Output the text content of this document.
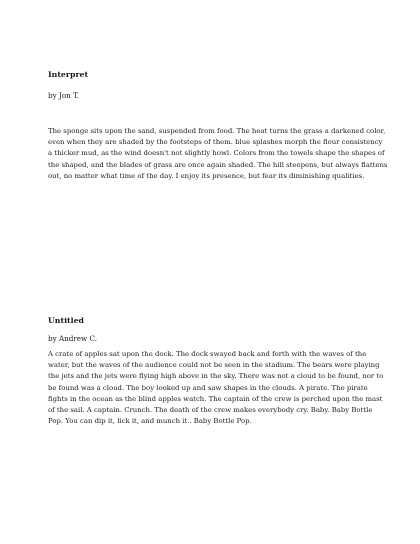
Interpret
by Jon T.
The sponge sits upon the sand, suspended from food. The heat turns the grass a darkened color, even when they are shaded by the footsteps of them. blue splashes morph the flour consistency a thicker mud, as the wind doesn't not slightly howl. Colors from the towels shape the shapes of the shaped, and the blades of grass are once again shaded. The hill steepens, but always flattens out, no matter what time of the day. I enjoy its presence, but fear its diminishing qualities.
Untitled
by Andrew C.
A crate of apples sat upon the dock. The dock swayed back and forth with the waves of the water, but the waves of the audience could not be seen in the stadium. The bears were playing the jets and the jets were flying high above in the sky. There was not a cloud to be found, nor to be found was a cloud. The boy looked up and saw shapes in the clouds. A pirate. The pirate fights in the ocean as the blind apples watch. The captain of the crew is perched upon the mast of the sail. A captain. Crunch. The death of the crew makes everybody cry. Baby. Baby Bottle Pop. You can dip it, lick it, and munch it.. Baby Bottle Pop.
